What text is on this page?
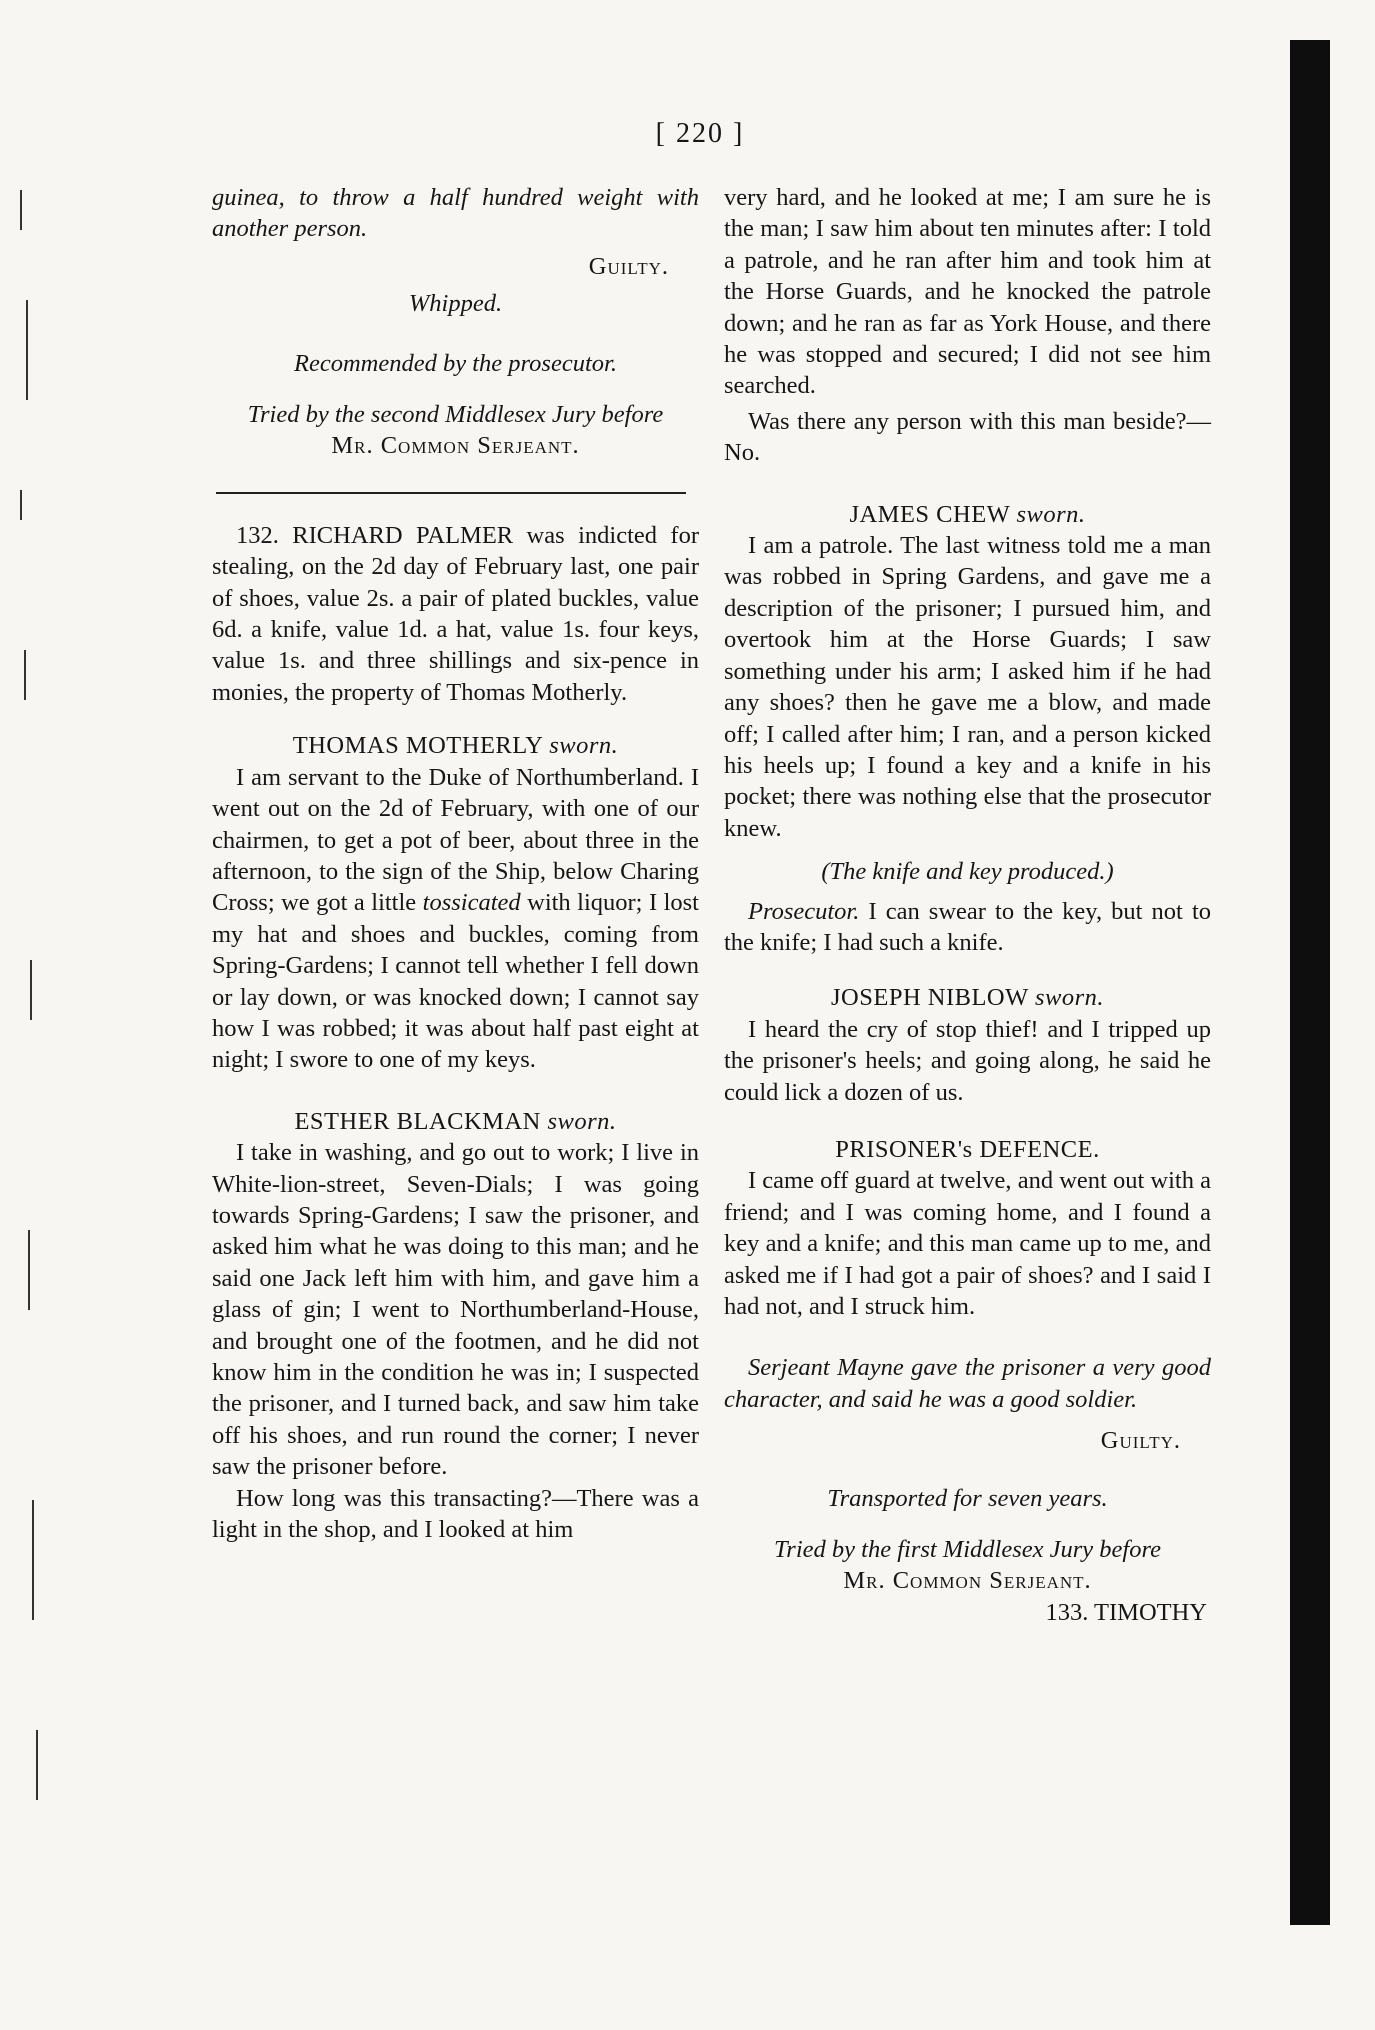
[ 220 ]

guinea, to throw a half hundred weight with another person.

Guilty.

Whipped.

Recommended by the prosecutor.

Tried by the second Middlesex Jury before

Mr. Common Serjeant.

132. RICHARD PALMER was indicted for stealing, on the 2d day of February last, one pair of shoes, value 2s. a pair of plated buckles, value 6d. a knife, value 1d. a hat, value 1s. four keys, value 1s. and three shillings and six-pence in monies, the property of Thomas Motherly.

THOMAS MOTHERLY sworn.

I am servant to the Duke of Northumberland. I went out on the 2d of February, with one of our chairmen, to get a pot of beer, about three in the afternoon, to the sign of the Ship, below Charing Cross; we got a little tossicated with liquor; I lost my hat and shoes and buckles, coming from Spring-Gardens; I cannot tell whether I fell down or lay down, or was knocked down; I cannot say how I was robbed; it was about half past eight at night; I swore to one of my keys.

ESTHER BLACKMAN sworn.

I take in washing, and go out to work; I live in White-lion-street, Seven-Dials; I was going towards Spring-Gardens; I saw the prisoner, and asked him what he was doing to this man; and he said one Jack left him with him, and gave him a glass of gin; I went to Northumberland-House, and brought one of the footmen, and he did not know him in the condition he was in; I suspected the prisoner, and I turned back, and saw him take off his shoes, and run round the corner; I never saw the prisoner before.

How long was this transacting?—There was a light in the shop, and I looked at him

very hard, and he looked at me; I am sure he is the man; I saw him about ten minutes after: I told a patrole, and he ran after him and took him at the Horse Guards, and he knocked the patrole down; and he ran as far as York House, and there he was stopped and secured; I did not see him searched.

Was there any person with this man beside?—No.

JAMES CHEW sworn.

I am a patrole. The last witness told me a man was robbed in Spring Gardens, and gave me a description of the prisoner; I pursued him, and overtook him at the Horse Guards; I saw something under his arm; I asked him if he had any shoes? then he gave me a blow, and made off; I called after him; I ran, and a person kicked his heels up; I found a key and a knife in his pocket; there was nothing else that the prosecutor knew.

(The knife and key produced.)

Prosecutor. I can swear to the key, but not to the knife; I had such a knife.

JOSEPH NIBLOW sworn.

I heard the cry of stop thief! and I tripped up the prisoner's heels; and going along, he said he could lick a dozen of us.

PRISONER's DEFENCE.

I came off guard at twelve, and went out with a friend; and I was coming home, and I found a key and a knife; and this man came up to me, and asked me if I had got a pair of shoes? and I said I had not, and I struck him.

Serjeant Mayne gave the prisoner a very good character, and said he was a good soldier.

Guilty.

Transported for seven years.

Tried by the first Middlesex Jury before

Mr. Common Serjeant.

133. TIMOTHY
